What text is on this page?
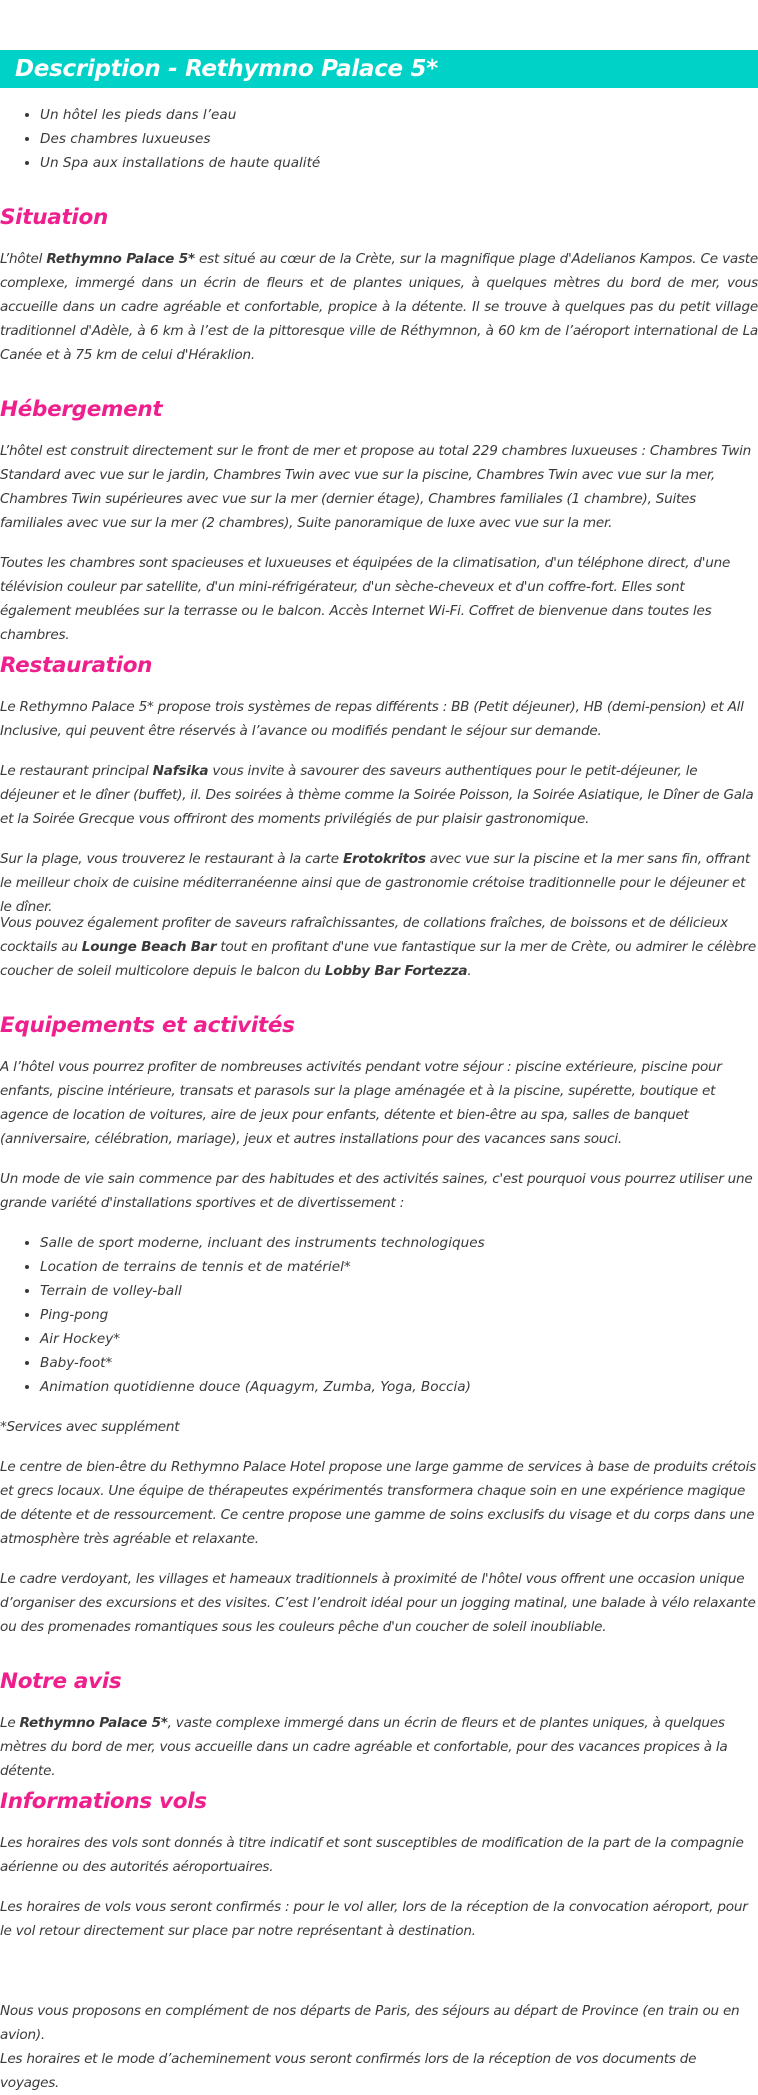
Description - Rethymno Palace 5*
• Un hôtel les pieds dans l’eau
• Des chambres luxueuses
• Un Spa aux installations de haute qualité
Situation

L’hôtel Rethymno Palace 5* est situé au cœur de la Crète, sur la magnifique plage d'Adelianos Kampos. Ce vaste complexe, immergé dans un écrin de fleurs et de plantes uniques, à quelques mètres du bord de mer, vous accueille dans un cadre agréable et confortable, propice à la détente. Il se trouve à quelques pas du petit village traditionnel d'Adèle, à 6 km à l’est de la pittoresque ville de Réthymnon, à 60 km de l’aéroport international de La Canée et à 75 km de celui d'Héraklion.

Hébergement

L’hôtel est construit directement sur le front de mer et propose au total 229 chambres luxueuses : Chambres Twin Standard avec vue sur le jardin, Chambres Twin avec vue sur la piscine, Chambres Twin avec vue sur la mer, Chambres Twin supérieures avec vue sur la mer (dernier étage), Chambres familiales (1 chambre), Suites familiales avec vue sur la mer (2 chambres), Suite panoramique de luxe avec vue sur la mer.

Toutes les chambres sont spacieuses et luxueuses et équipées de la climatisation, d'un téléphone direct, d'une télévision couleur par satellite, d'un mini-réfrigérateur, d'un sèche-cheveux et d'un coffre-fort. Elles sont également meublées sur la terrasse ou le balcon. Accès Internet Wi-Fi. Coffret de bienvenue dans toutes les chambres.

Restauration

Le Rethymno Palace 5* propose trois systèmes de repas différents : BB (Petit déjeuner), HB (demi-pension) et All Inclusive, qui peuvent être réservés à l’avance ou modifiés pendant le séjour sur demande.

Le restaurant principal Nafsika vous invite à savourer des saveurs authentiques pour le petit-déjeuner, le déjeuner et le dîner (buffet), il. Des soirées à thème comme la Soirée Poisson, la Soirée Asiatique, le Dîner de Gala et la Soirée Grecque vous offriront des moments privilégiés de pur plaisir gastronomique.

Sur la plage, vous trouverez le restaurant à la carte Erotokritos avec vue sur la piscine et la mer sans fin, offrant le meilleur choix de cuisine méditerranéenne ainsi que de gastronomie crétoise traditionnelle pour le déjeuner et le dîner.

Vous pouvez également profiter de saveurs rafraîchissantes, de collations fraîches, de boissons et de délicieux cocktails au Lounge Beach Bar tout en profitant d'une vue fantastique sur la mer de Crète, ou admirer le célèbre coucher de soleil multicolore depuis le balcon du Lobby Bar Fortezza.

Equipements et activités

A l’hôtel vous pourrez profiter de nombreuses activités pendant votre séjour : piscine extérieure, piscine pour enfants, piscine intérieure, transats et parasols sur la plage aménagée et à la piscine, supérette, boutique et agence de location de voitures, aire de jeux pour enfants, détente et bien-être au spa, salles de banquet (anniversaire, célébration, mariage), jeux et autres installations pour des vacances sans souci.

Un mode de vie sain commence par des habitudes et des activités saines, c'est pourquoi vous pourrez utiliser une grande variété d'installations sportives et de divertissement :

• Salle de sport moderne, incluant des instruments technologiques
• Location de terrains de tennis et de matériel*
• Terrain de volley-ball
• Ping-pong
• Air Hockey*
• Baby-foot*
• Animation quotidienne douce (Aquagym, Zumba, Yoga, Boccia)

*Services avec supplément

Le centre de bien-être du Rethymno Palace Hotel propose une large gamme de services à base de produits crétois et grecs locaux. Une équipe de thérapeutes expérimentés transformera chaque soin en une expérience magique de détente et de ressourcement. Ce centre propose une gamme de soins exclusifs du visage et du corps dans une atmosphère très agréable et relaxante.

Le cadre verdoyant, les villages et hameaux traditionnels à proximité de l'hôtel vous offrent une occasion unique d’organiser des excursions et des visites. C’est l’endroit idéal pour un jogging matinal, une balade à vélo relaxante ou des promenades romantiques sous les couleurs pêche d'un coucher de soleil inoubliable.

Notre avis

Le Rethymno Palace 5*, vaste complexe immergé dans un écrin de fleurs et de plantes uniques, à quelques mètres du bord de mer, vous accueille dans un cadre agréable et confortable, pour des vacances propices à la détente.

Informations vols

Les horaires des vols sont donnés à titre indicatif et sont susceptibles de modification de la part de la compagnie aérienne ou des autorités aéroportuaires.

Les horaires de vols vous seront confirmés : pour le vol aller, lors de la réception de la convocation aéroport, pour le vol retour directement sur place par notre représentant à destination.

Nous vous proposons en complément de nos départs de Paris, des séjours au départ de Province (en train ou en avion).
Les horaires et le mode d’acheminement vous seront confirmés lors de la réception de vos documents de voyages.
